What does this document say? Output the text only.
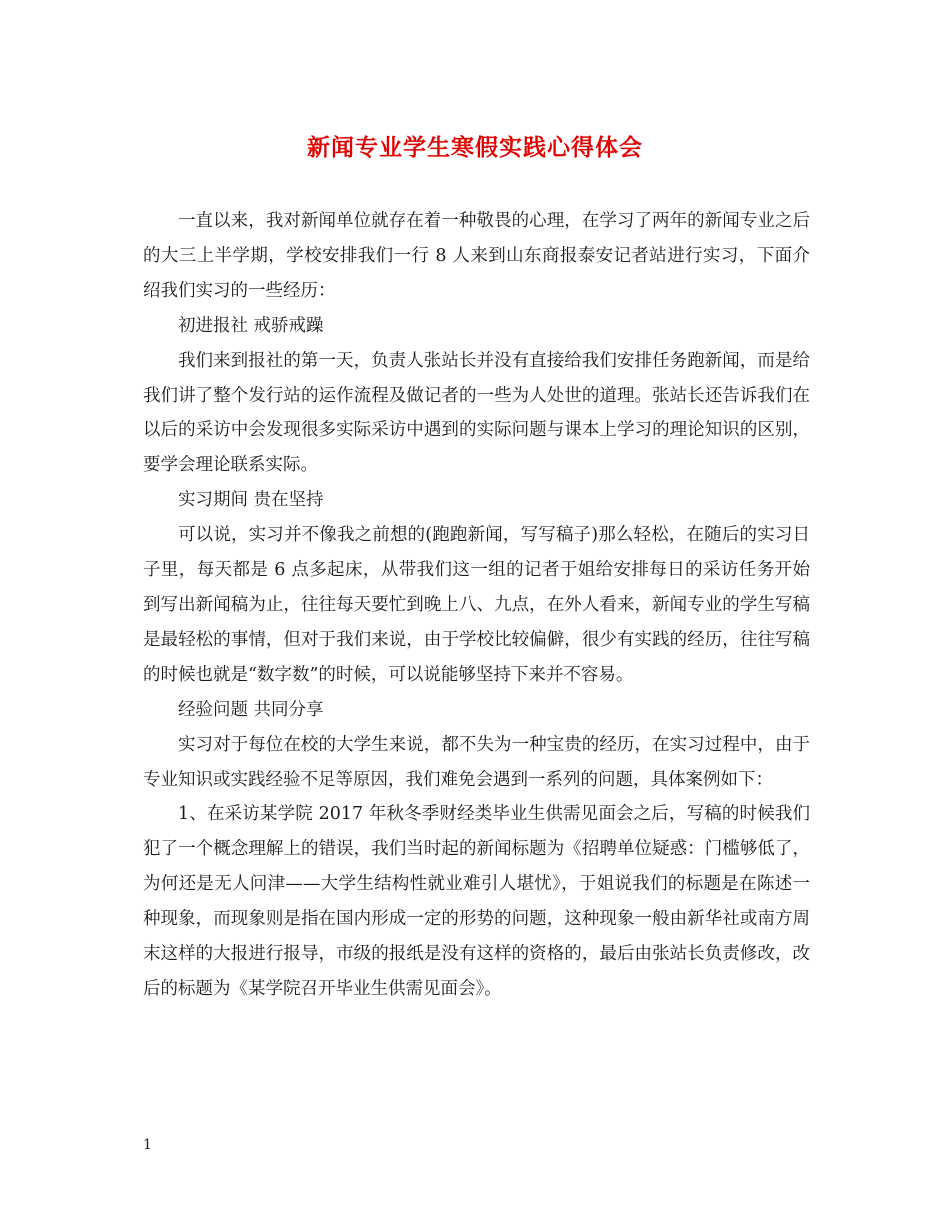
新闻专业学生寒假实践心得体会

一直以来，我对新闻单位就存在着一种敬畏的心理，在学习了两年的新闻专业之后的大三上半学期，学校安排我们一行 8 人来到山东商报泰安记者站进行实习，下面介绍我们实习的一些经历：

初进报社 戒骄戒躁

我们来到报社的第一天，负责人张站长并没有直接给我们安排任务跑新闻，而是给我们讲了整个发行站的运作流程及做记者的一些为人处世的道理。张站长还告诉我们在以后的采访中会发现很多实际采访中遇到的实际问题与课本上学习的理论知识的区别，要学会理论联系实际。

实习期间 贵在坚持

可以说，实习并不像我之前想的(跑跑新闻，写写稿子)那么轻松，在随后的实习日子里，每天都是 6 点多起床，从带我们这一组的记者于姐给安排每日的采访任务开始到写出新闻稿为止，往往每天要忙到晚上八、九点，在外人看来，新闻专业的学生写稿是最轻松的事情，但对于我们来说，由于学校比较偏僻，很少有实践的经历，往往写稿的时候也就是“数字数”的时候，可以说能够坚持下来并不容易。

经验问题 共同分享

实习对于每位在校的大学生来说，都不失为一种宝贵的经历，在实习过程中，由于专业知识或实践经验不足等原因，我们难免会遇到一系列的问题，具体案例如下：

1、在采访某学院 2017 年秋冬季财经类毕业生供需见面会之后，写稿的时候我们犯了一个概念理解上的错误，我们当时起的新闻标题为《招聘单位疑惑：门槛够低了，为何还是无人问津——大学生结构性就业难引人堪忧》，于姐说我们的标题是在陈述一种现象，而现象则是指在国内形成一定的形势的问题，这种现象一般由新华社或南方周末这样的大报进行报导，市级的报纸是没有这样的资格的，最后由张站长负责修改，改后的标题为《某学院召开毕业生供需见面会》。

1
